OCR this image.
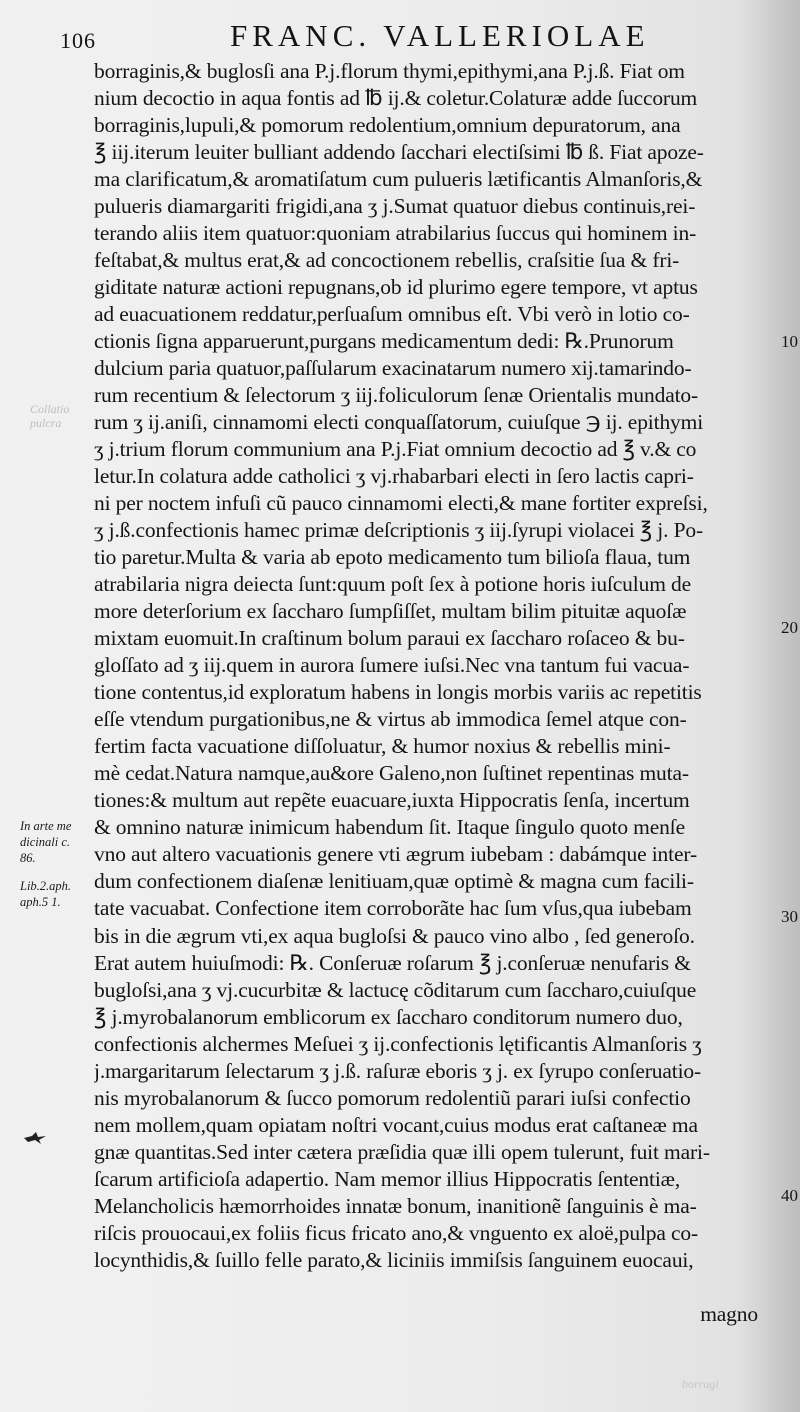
106	FRANC. VALLERIOLAE
Collatio
pulcra
borraginis,& buglosſi ana P.j.florum thymi,epithymi,ana P.j.ß. Fiat om
nium decoctio in aqua fontis ad ℔ ij.& coletur.Colaturæ adde ſuccorum
borraginis,lupuli,& pomorum redolentium,omnium depuratorum, ana
℥ iij.iterum leuiter bulliant addendo ſacchari electiſsimi ℔ ß. Fiat apoze-
ma clarificatum,& aromatiſatum cum pulueris lætificantis Almanſoris,&
pulueris diamargariti frigidi,ana ʒ j.Sumat quatuor diebus continuis,rei-
terando aliis item quatuor:quoniam atrabilarius ſuccus qui hominem in-
feſtabat,& multus erat,& ad concoctionem rebellis, craſsitie ſua & fri-
giditate naturæ actioni repugnans,ob id plurimo egere tempore, vt aptus
ad euacuationem reddatur,perſuaſum omnibus eſt. Vbi verò in lotio co-
ctionis ſigna apparuerunt,purgans medicamentum dedi: ℞.Prunorum
dulcium paria quatuor,paſſularum exacinatarum numero xij.tamarindo-
rum recentium & ſelectorum ʒ iij.foliculorum ſenæ Orientalis mundato-
rum ʒ ij.aniſi, cinnamomi electi conquaſſatorum, cuiuſque ℈ ij. epithymi
ʒ j.trium florum communium ana P.j.Fiat omnium decoctio ad ℥ v.& co
letur.In colatura adde catholici ʒ vj.rhabarbari electi in ſero lactis capri-
ni per noctem infuſi cũ pauco cinnamomi electi,& mane fortiter expreſsi,
ʒ j.ß.confectionis hamec primæ deſcriptionis ʒ iij.ſyrupi violacei ℥ j. Po-
tio paretur.Multa & varia ab epoto medicamento tum bilioſa flaua, tum
atrabilaria nigra deiecta ſunt:quum poſt ſex à potione horis iuſculum de
more deterſorium ex ſaccharo ſumpſiſſet, multam bilim pituitæ aquoſæ
mixtam euomuit.In craſtinum bolum paraui ex ſaccharo roſaceo & bu-
gloſſato ad ʒ iij.quem in aurora ſumere iuſsi.Nec vna tantum fui vacua-
tione contentus,id exploratum habens in longis morbis variis ac repetitis
eſſe vtendum purgationibus,ne & virtus ab immodica ſemel atque con-
fertim facta vacuatione diſſoluatur, & humor noxius & rebellis mini-
mè cedat.Natura namque,au&ore Galeno,non ſuſtinet repentinas muta-
tiones:& multum aut repẽte euacuare,iuxta Hippocratis ſenſa, incertum
& omnino naturæ inimicum habendum ſit. Itaque ſingulo quoto menſe
vno aut altero vacuationis genere vti ægrum iubebam : dabámque inter-
dum confectionem diaſenæ lenitiuam,quæ optimè & magna cum facili-
tate vacuabat. Confectione item corroborãte hac ſum vſus,qua iubebam
bis in die ægrum vti,ex aqua bugloſsi & pauco vino albo , ſed generoſo.
Erat autem huiuſmodi: ℞. Conſeruæ roſarum ℥ j.conſeruæ nenufaris &
bugloſsi,ana ʒ vj.cucurbitæ & lactucę cõditarum cum ſaccharo,cuiuſque
℥ j.myrobalanorum emblicorum ex ſaccharo conditorum numero duo,
confectionis alchermes Meſuei ʒ ij.confectionis lętificantis Almanſoris ʒ
j.margaritarum ſelectarum ʒ j.ß. raſuræ eboris ʒ j. ex ſyrupo conſeruatio-
nis myrobalanorum & ſucco pomorum redolentiũ parari iuſsi confectio
nem mollem,quam opiatam noſtri vocant,cuius modus erat caſtaneæ ma
gnæ quantitas.Sed inter cætera præſidia quæ illi opem tulerunt, fuit mari-
ſcarum artificioſa adapertio. Nam memor illius Hippocratis ſententiæ,
Melancholicis hæmorrhoides innatæ bonum, inanitionẽ ſanguinis è ma-
riſcis prouocaui,ex foliis ficus fricato ano,& vnguento ex aloë,pulpa co-
locynthidis,& ſuillo felle parato,& liciniis immiſsis ſanguinem euocaui,
magno
10
20
30
40
In arte me
dicinali c.
86.
Lib.2.aph.
aph.5 1.
borragi
